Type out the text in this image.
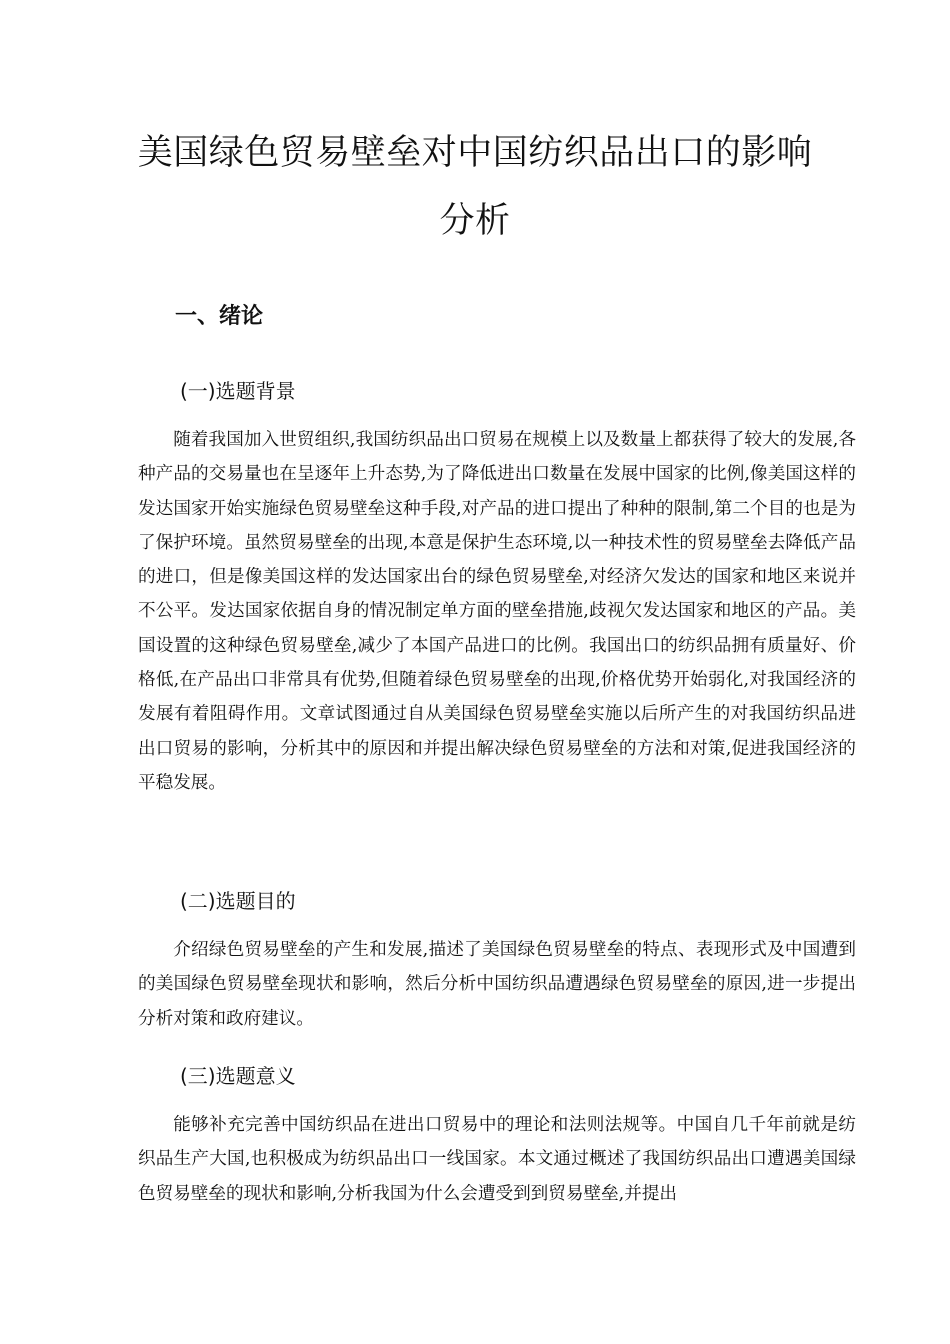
美国绿色贸易壁垒对中国纺织品出口的影响
分析
一、绪论
(一)选题背景

随着我国加入世贸组织,我国纺织品出口贸易在规模上以及数量上都获得了较大的发展,各种产品的交易量也在呈逐年上升态势,为了降低进出口数量在发展中国家的比例,像美国这样的发达国家开始实施绿色贸易壁垒这种手段,对产品的进口提出了种种的限制,第二个目的也是为了保护环境。虽然贸易壁垒的出现,本意是保护生态环境,以一种技术性的贸易壁垒去降低产品的进口，但是像美国这样的发达国家出台的绿色贸易壁垒,对经济欠发达的国家和地区来说并不公平。发达国家依据自身的情况制定单方面的壁垒措施,歧视欠发达国家和地区的产品。美国设置的这种绿色贸易壁垒,减少了本国产品进口的比例。我国出口的纺织品拥有质量好、价格低,在产品出口非常具有优势,但随着绿色贸易壁垒的出现,价格优势开始弱化,对我国经济的发展有着阻碍作用。文章试图通过自从美国绿色贸易壁垒实施以后所产生的对我国纺织品进出口贸易的影响，分析其中的原因和并提出解决绿色贸易壁垒的方法和对策,促进我国经济的平稳发展。

(二)选题目的

介绍绿色贸易壁垒的产生和发展,描述了美国绿色贸易壁垒的特点、表现形式及中国遭到的美国绿色贸易壁垒现状和影响，然后分析中国纺织品遭遇绿色贸易壁垒的原因,进一步提出分析对策和政府建议。

(三)选题意义

能够补充完善中国纺织品在进出口贸易中的理论和法则法规等。中国自几千年前就是纺织品生产大国,也积极成为纺织品出口一线国家。本文通过概述了我国纺织品出口遭遇美国绿色贸易壁垒的现状和影响,分析我国为什么会遭受到到贸易壁垒,并提出
